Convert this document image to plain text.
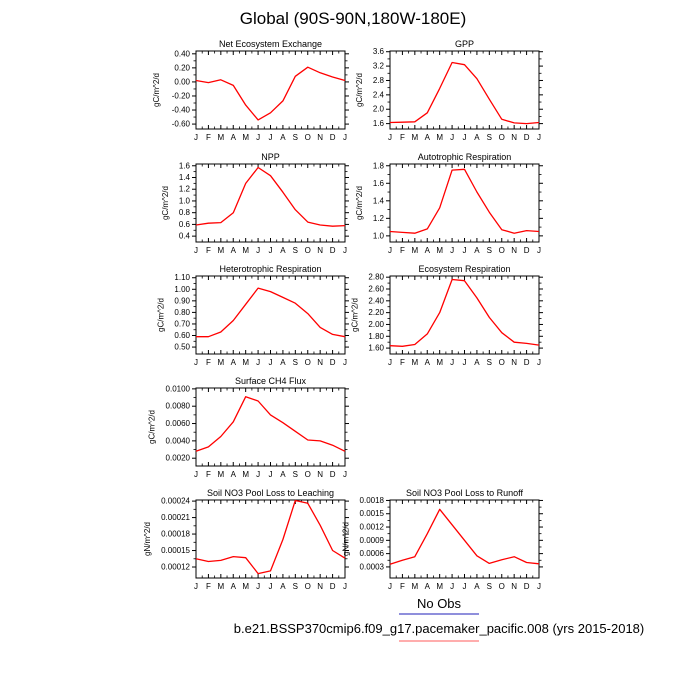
Global (90S-90N,180W-180E)
Net Ecosystem Exchange
0.40
0.20
0.00
-0.20
-0.40
-0.60
J F M A M J J A S O N D J
gC/m^2/d
GPP
3.6
3.2
2.8
2.4
2.0
1.6
J F M A M J J A S O N D J
gC/m^2/d
NPP
1.6
1.4
1.2
1.0
0.8
0.6
0.4
J F M A M J J A S O N D J
gC/m^2/d
Autotrophic Respiration
1.8
1.6
1.4
1.2
1.0
J F M A M J J A S O N D J
gC/m^2/d
Heterotrophic Respiration
1.10
1.00
0.90
0.80
0.70
0.60
0.50
J F M A M J J A S O N D J
gC/m^2/d
Ecosystem Respiration
2.80
2.60
2.40
2.20
2.00
1.80
1.60
J F M A M J J A S O N D J
gC/m^2/d
Surface CH4 Flux
0.0100
0.0080
0.0060
0.0040
0.0020
J F M A M J J A S O N D J
gC/m^2/d
Soil NO3 Pool Loss to Leaching
0.00024
0.00021
0.00018
0.00015
0.00012
J F M A M J J A S O N D J
gN/m^2/d
Soil NO3 Pool Loss to Runoff
0.0018
0.0015
0.0012
0.0009
0.0006
0.0003
J F M A M J J A S O N D J
gN/m^2/d
No Obs
b.e21.BSSP370cmip6.f09_g17.pacemaker_pacific.008 (yrs 2015-2018)
